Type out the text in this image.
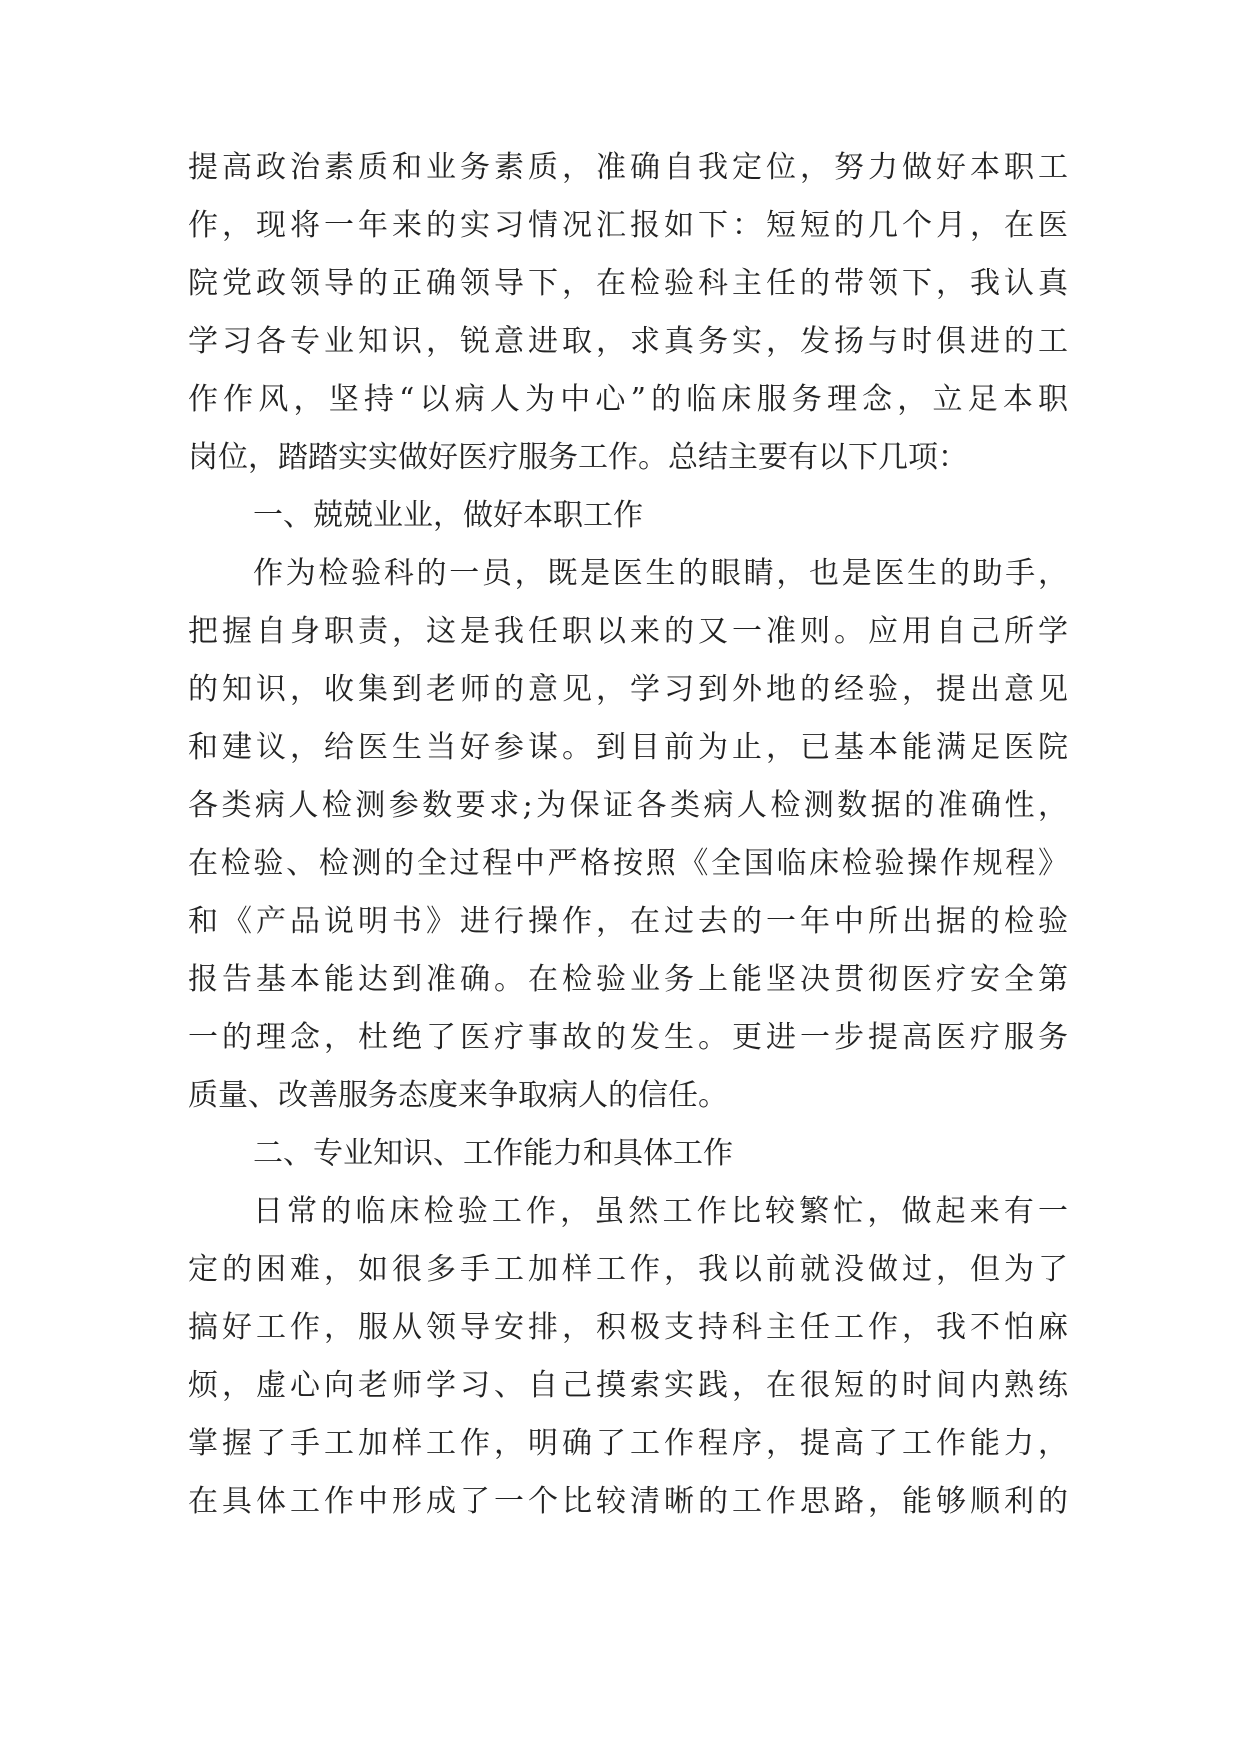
提高政治素质和业务素质，准确自我定位，努力做好本职工
作，现将一年来的实习情况汇报如下：短短的几个月，在医
院党政领导的正确领导下，在检验科主任的带领下，我认真
学习各专业知识，锐意进取，求真务实，发扬与时俱进的工
作作风，坚持“以病人为中心”的临床服务理念，立足本职
岗位，踏踏实实做好医疗服务工作。总结主要有以下几项：
一、兢兢业业，做好本职工作
作为检验科的一员，既是医生的眼睛，也是医生的助手，
把握自身职责，这是我任职以来的又一准则。应用自己所学
的知识，收集到老师的意见，学习到外地的经验，提出意见
和建议，给医生当好参谋。到目前为止，已基本能满足医院
各类病人检测参数要求;为保证各类病人检测数据的准确性，
在检验、检测的全过程中严格按照《全国临床检验操作规程》
和《产品说明书》进行操作，在过去的一年中所出据的检验
报告基本能达到准确。在检验业务上能坚决贯彻医疗安全第
一的理念，杜绝了医疗事故的发生。更进一步提高医疗服务
质量、改善服务态度来争取病人的信任。
二、专业知识、工作能力和具体工作
日常的临床检验工作，虽然工作比较繁忙，做起来有一
定的困难，如很多手工加样工作，我以前就没做过，但为了
搞好工作，服从领导安排，积极支持科主任工作，我不怕麻
烦，虚心向老师学习、自己摸索实践，在很短的时间内熟练
掌握了手工加样工作，明确了工作程序，提高了工作能力，
在具体工作中形成了一个比较清晰的工作思路，能够顺利的
